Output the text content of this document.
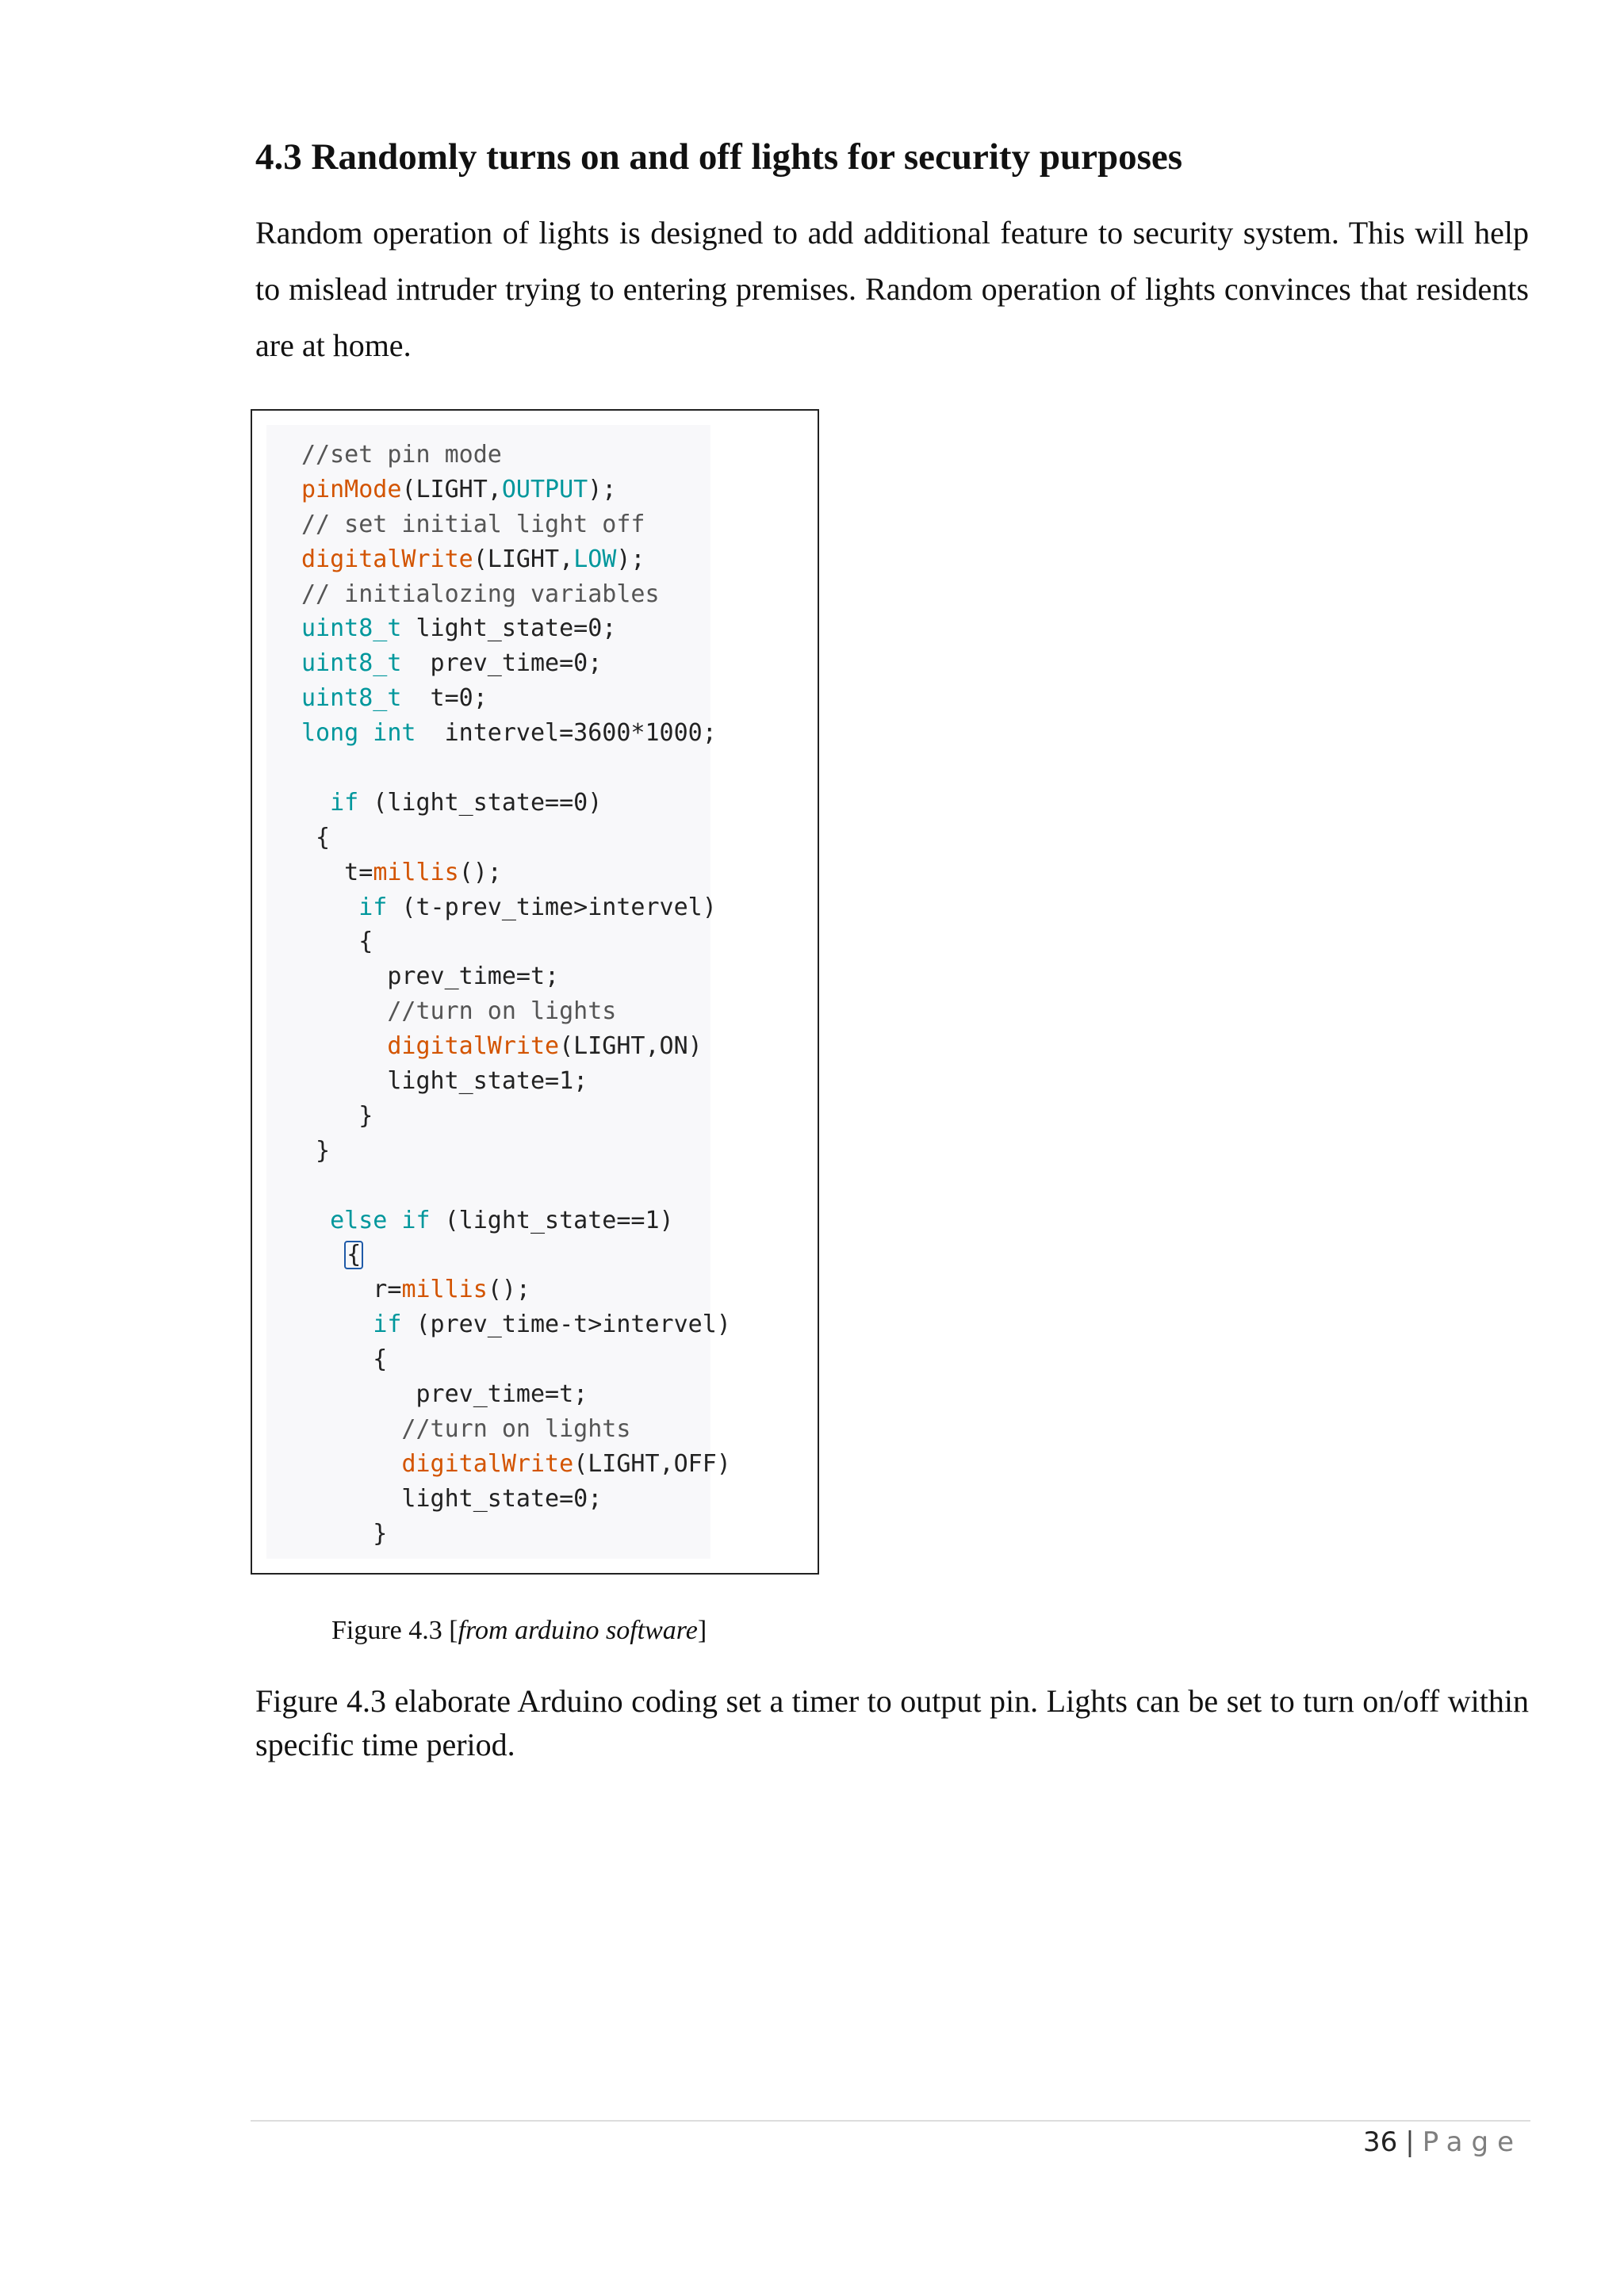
4.3 Randomly turns on and off lights for security purposes

Random operation of lights is designed to add additional feature to security system. This will help to mislead intruder trying to entering premises. Random operation of lights convinces that residents are at home.

//set pin mode
pinMode(LIGHT,OUTPUT);
// set initial light off
digitalWrite(LIGHT,LOW);
// initialozing variables
uint8_t light_state=0;
uint8_t  prev_time=0;
uint8_t  t=0;
long int  intervel=3600*1000;

if (light_state==0)
{
t=millis();
if (t-prev_time>intervel)
{
prev_time=t;
//turn on lights
digitalWrite(LIGHT,ON)
light_state=1;
}
}

else if (light_state==1)
{
r=millis();
if (prev_time-t>intervel)
{
prev_time=t;
//turn on lights
digitalWrite(LIGHT,OFF)
light_state=0;
}

Figure 4.3 [from arduino software]

Figure 4.3 elaborate Arduino coding set a timer to output pin. Lights can be set to turn on/off within specific time period.

36 | Page
